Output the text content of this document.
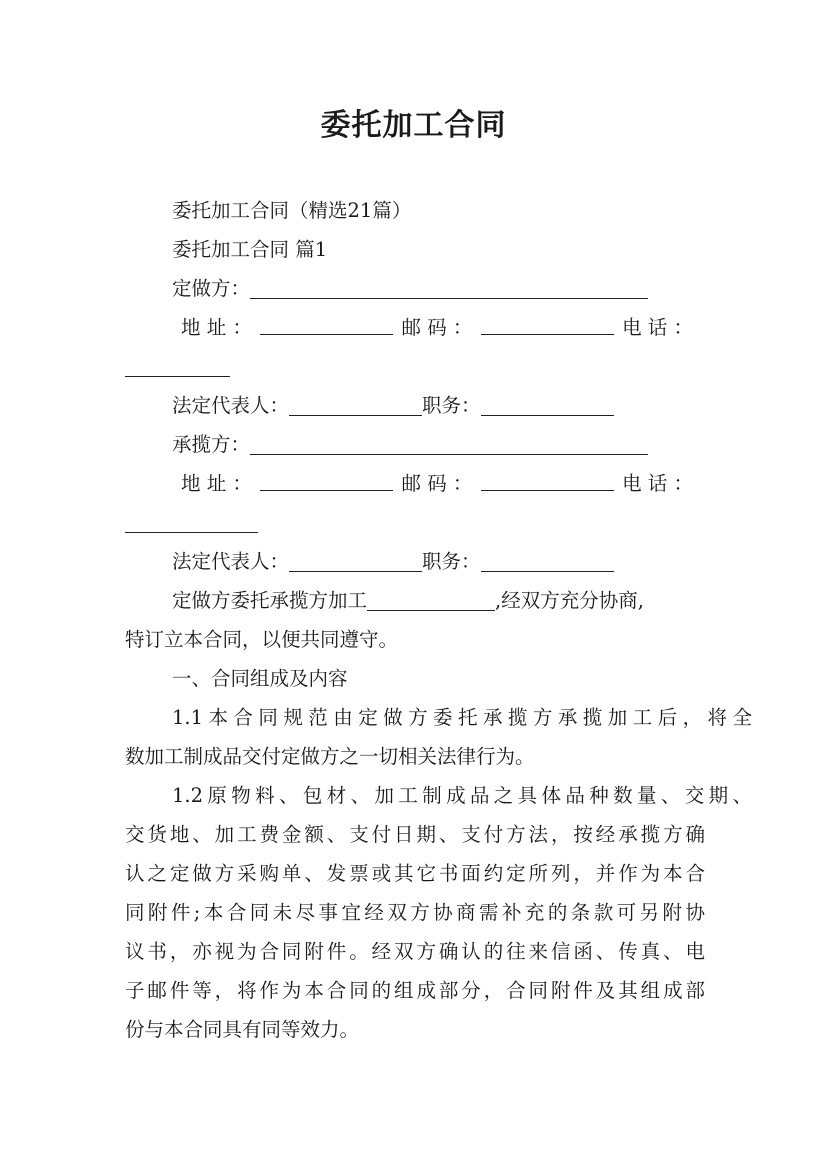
委托加工合同
委托加工合同（精选21篇）
委托加工合同 篇1
定做方：
地 址 ：	邮 码 ：	电 话 ：
法定代表人：	职务：
承揽方：
地 址 ：	邮 码 ：	电 话 ：
法定代表人：	职务：
定做方委托承揽方加工	,经双方充分协商,
特订立本合同，以便共同遵守。
一、合同组成及内容
1.1本合同规范由定做方委托承揽方承揽加工后，将全
数加工制成品交付定做方之一切相关法律行为。
1.2原物料、包材、加工制成品之具体品种数量、交期、
交货地、加工费金额、支付日期、支付方法，按经承揽方确
认之定做方采购单、发票或其它书面约定所列，并作为本合
同附件;本合同未尽事宜经双方协商需补充的条款可另附协
议书，亦视为合同附件。经双方确认的往来信函、传真、电
子邮件等，将作为本合同的组成部分，合同附件及其组成部
份与本合同具有同等效力。
